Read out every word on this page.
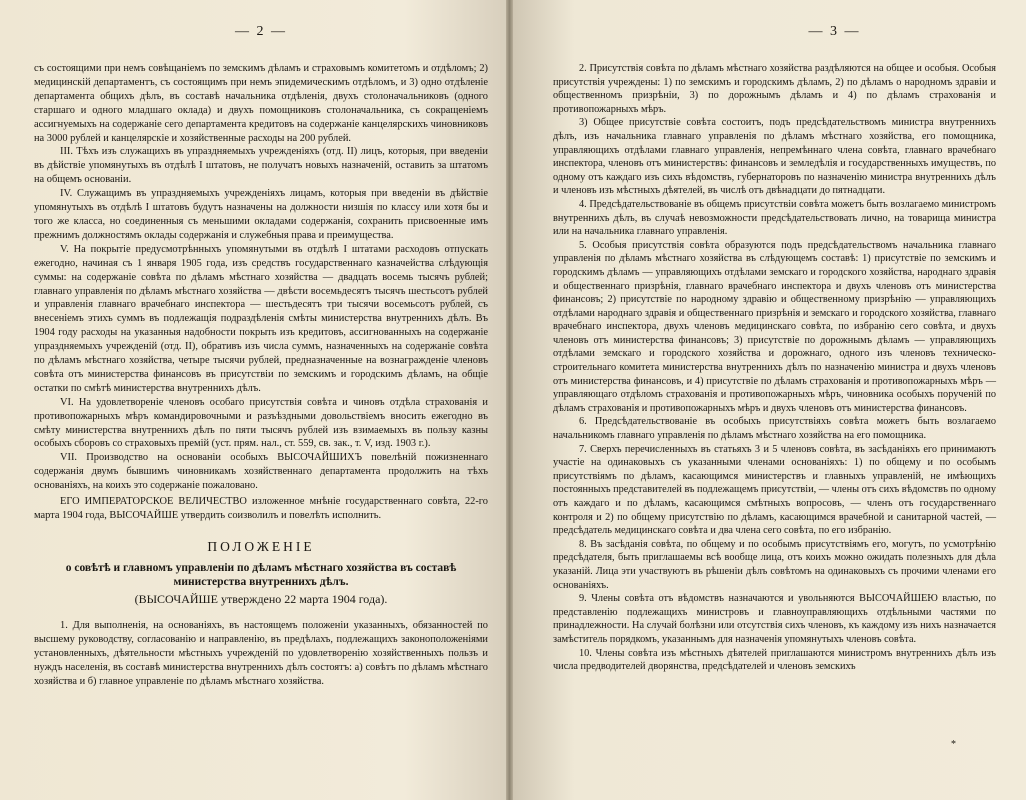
— 2 —

съ состоящими при немъ совѣщаніемъ по земскимъ дѣламъ и страховымъ комитетомъ и отдѣломъ; 2) медицинскій департаментъ, съ состоящимъ при немъ эпидемическимъ отдѣломъ, и 3) одно отдѣленіе департамента общихъ дѣлъ, въ составѣ начальника отдѣленія, двухъ столоначальниковъ (одного старшаго и одного младшаго оклада) и двухъ помощниковъ столоначальника, съ сокращеніемъ ассигнуемыхъ на содержаніе сего департамента кредитовъ на содержаніе канцелярскихъ чиновниковъ на 3000 рублей и канцелярскіе и хозяйственные расходы на 200 рублей.

III. Тѣхъ изъ служащихъ въ упраздняемыхъ учрежденіяхъ (отд. II) лицъ, которыя, при введеніи въ дѣйствіе упомянутыхъ въ отдѣлѣ I штатовъ, не получатъ новыхъ назначеній, оставить за штатомъ на общемъ основаніи.

IV. Служащимъ въ упраздняемыхъ учрежденіяхъ лицамъ, которыя при введеніи въ дѣйствіе упомянутыхъ въ отдѣлѣ I штатовъ будутъ назначены на должности низшія по классу или хотя бы и того же класса, но соединенныя съ меньшими окладами содержанія, сохранить присвоенные имъ прежнимъ должностямъ оклады содержанія и служебныя права и преимущества.

V. На покрытіе предусмотрѣнныхъ упомянутыми въ отдѣлѣ I штатами расходовъ отпускать ежегодно, начиная съ 1 января 1905 года, изъ средствъ государственнаго казначейства слѣдующія суммы: на содержаніе совѣта по дѣламъ мѣстнаго хозяйства — двадцать восемь тысячъ рублей; главнаго управленія по дѣламъ мѣстнаго хозяйства — двѣсти восемьдесятъ тысячъ шестьсотъ рублей и управленія главнаго врачебнаго инспектора — шестьдесятъ три тысячи восемьсотъ рублей, съ внесеніемъ этихъ суммъ въ подлежащія подраздѣленія смѣты министерства внутреннихъ дѣлъ. Въ 1904 году расходы на указанныя надобности покрыть изъ кредитовъ, ассигнованныхъ на содержаніе упраздняемыхъ учрежденій (отд. II), обративъ изъ числа суммъ, назначенныхъ на содержаніе совѣта по дѣламъ мѣстнаго хозяйства, четыре тысячи рублей, предназначенные на вознагражденіе членовъ совѣта отъ министерства финансовъ въ присутствіи по земскимъ и городскимъ дѣламъ, на общіе остатки по смѣтѣ министерства внутреннихъ дѣлъ.

VI. На удовлетвореніе членовъ особаго присутствія совѣта и чиновъ отдѣла страхованія и противопожарныхъ мѣръ командировочными и разъѣздными довольствіемъ вносить ежегодно въ смѣту министерства внутреннихъ дѣлъ по пяти тысячъ рублей изъ взимаемыхъ въ пользу казны особыхъ сборовъ со страховыхъ премій (уст. прям. нал., ст. 559, св. зак., т. V, изд. 1903 г.).

VII. Производство на основаніи особыхъ ВЫСОЧАЙШИХЪ повелѣній пожизненнаго содержанія двумъ бывшимъ чиновникамъ хозяйственнаго департамента продолжить на тѣхъ основаніяхъ, на коихъ это содержаніе пожаловано.

ЕГО ИМПЕРАТОРСКОЕ ВЕЛИЧЕСТВО изложенное мнѣніе государственнаго совѣта, 22-го марта 1904 года, ВЫСОЧАЙШЕ утвердить соизволилъ и повелѣть исполнить.

ПОЛОЖЕНІЕ
о совѣтѣ и главномъ управленіи по дѣламъ мѣстнаго хозяйства въ составѣ министерства внутреннихъ дѣлъ.
(ВЫСОЧАЙШЕ утверждено 22 марта 1904 года).

1. Для выполненія, на основаніяхъ, въ настоящемъ положеніи указанныхъ, обязанностей по высшему руководству, согласованію и направленію, въ предѣлахъ, подлежащихъ законоположеніями установленныхъ, дѣятельности мѣстныхъ учрежденій по удовлетворенію хозяйственныхъ пользъ и нуждъ населенія, въ составѣ министерства внутреннихъ дѣлъ состоятъ: а) совѣтъ по дѣламъ мѣстнаго хозяйства и б) главное управленіе по дѣламъ мѣстнаго хозяйства.

— 3 —

2. Присутствія совѣта по дѣламъ мѣстнаго хозяйства раздѣляются на общее и особыя. Особыя присутствія учреждены: 1) по земскимъ и городскимъ дѣламъ, 2) по дѣламъ о народномъ здравіи и общественномъ призрѣніи, 3) по дорожнымъ дѣламъ и 4) по дѣламъ страхованія и противопожарныхъ мѣръ.

3) Общее присутствіе совѣта состоитъ, подъ предсѣдательствомъ министра внутреннихъ дѣлъ, изъ начальника главнаго управленія по дѣламъ мѣстнаго хозяйства, его помощника, управляющихъ отдѣлами главнаго управленія, непремѣннаго члена совѣта, главнаго врачебнаго инспектора, членовъ отъ министерствъ: финансовъ и земледѣлія и государственныхъ имуществъ, по одному отъ каждаго изъ сихъ вѣдомствъ, губернаторовъ по назначенію министра внутреннихъ дѣлъ и членовъ изъ мѣстныхъ дѣятелей, въ числѣ отъ двѣнадцати до пятнадцати.

4. Предсѣдательствованіе въ общемъ присутствіи совѣта можетъ быть возлагаемо министромъ внутреннихъ дѣлъ, въ случаѣ невозможности предсѣдательствовать лично, на товарища министра или на начальника главнаго управленія.

5. Особыя присутствія совѣта образуются подъ предсѣдательствомъ начальника главнаго управленія по дѣламъ мѣстнаго хозяйства въ слѣдующемъ составѣ: 1) присутствіе по земскимъ и городскимъ дѣламъ — управляющихъ отдѣлами земскаго и городского хозяйства, народнаго здравія и общественнаго призрѣнія, главнаго врачебнаго инспектора и двухъ членовъ отъ министерства финансовъ; 2) присутствіе по народному здравію и общественному призрѣнію — управляющихъ отдѣлами народнаго здравія и общественнаго призрѣнія и земскаго и городского хозяйства, главнаго врачебнаго инспектора, двухъ членовъ медицинскаго совѣта, по избранію сего совѣта, и двухъ членовъ отъ министерства финансовъ; 3) присутствіе по дорожнымъ дѣламъ — управляющихъ отдѣлами земскаго и городского хозяйства и дорожнаго, одного изъ членовъ техническо-строительнаго комитета министерства внутреннихъ дѣлъ по назначенію министра и двухъ членовъ отъ министерства финансовъ, и 4) присутствіе по дѣламъ страхованія и противопожарныхъ мѣръ — управляющаго отдѣломъ страхованія и противопожарныхъ мѣръ, чиновника особыхъ порученій по дѣламъ страхованія и противопожарныхъ мѣръ и двухъ членовъ отъ министерства финансовъ.

6. Предсѣдательствованіе въ особыхъ присутствіяхъ совѣта можетъ быть возлагаемо начальникомъ главнаго управленія по дѣламъ мѣстнаго хозяйства на его помощника.

7. Сверхъ перечисленныхъ въ статьяхъ 3 и 5 членовъ совѣта, въ засѣданіяхъ его принимаютъ участіе на одинаковыхъ съ указанными членами основаніяхъ: 1) по общему и по особымъ присутствіямъ по дѣламъ, касающимся министерствъ и главныхъ управленій, не имѣющихъ постоянныхъ представителей въ подлежащемъ присутствіи, — члены отъ сихъ вѣдомствъ по одному отъ каждаго и по дѣламъ, касающимся смѣтныхъ вопросовъ, — членъ отъ государственнаго контроля и 2) по общему присутствію по дѣламъ, касающимся врачебной и санитарной частей, — предсѣдатель медицинскаго совѣта и два члена сего совѣта, по его избранію.

8. Въ засѣданія совѣта, по общему и по особымъ присутствіямъ его, могутъ, по усмотрѣнію предсѣдателя, быть приглашаемы всѣ вообще лица, отъ коихъ можно ожидать полезныхъ для дѣла указаній. Лица эти участвуютъ въ рѣшеніи дѣлъ совѣтомъ на одинаковыхъ съ прочими членами его основаніяхъ.

9. Члены совѣта отъ вѣдомствъ назначаются и увольняются ВЫСОЧАЙШЕЮ властью, по представленію подлежащихъ министровъ и главноуправляющихъ отдѣльными частями по принадлежности. На случай болѣзни или отсутствія сихъ членовъ, къ каждому изъ нихъ назначается замѣститель порядкомъ, указаннымъ для назначенія упомянутыхъ членовъ совѣта.

10. Члены совѣта изъ мѣстныхъ дѣятелей приглашаются министромъ внутреннихъ дѣлъ изъ числа предводителей дворянства, предсѣдателей и членовъ земскихъ

*
